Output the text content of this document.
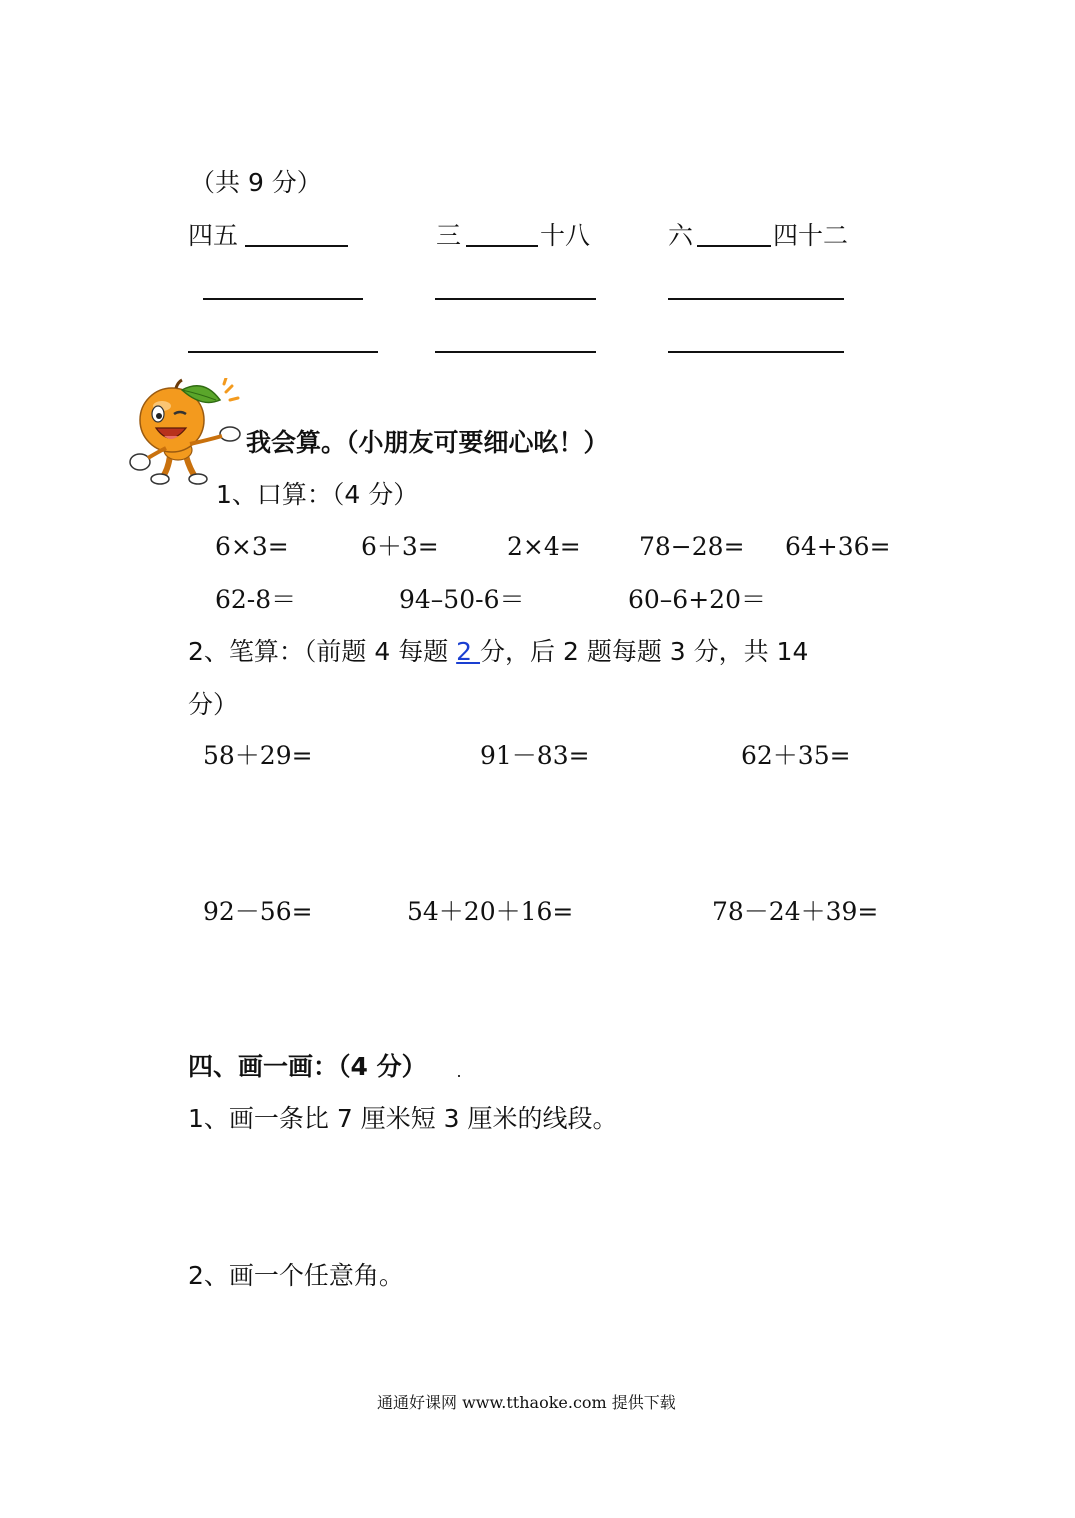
（共 9 分）
四五	三	十八	六	四十二
我会算。（小朋友可要细心吆！）
1、口算：（4 分）
6×3=	6＋3=	2×4= 78−28= 64+36=
62-8＝	94–50-6＝	60–6+20＝
2、笔算：（前题 4 每题 2 分，后 2 题每题 3 分，共 14
分）
58＋29=	91－83=	62＋35=
92－56=	54＋20＋16=	78－24＋39=
四、画一画：（4 分）
1、画一条比 7 厘米短 3 厘米的线段。
2、画一个任意角。
通通好课网 www.tthaoke.com 提供下载
